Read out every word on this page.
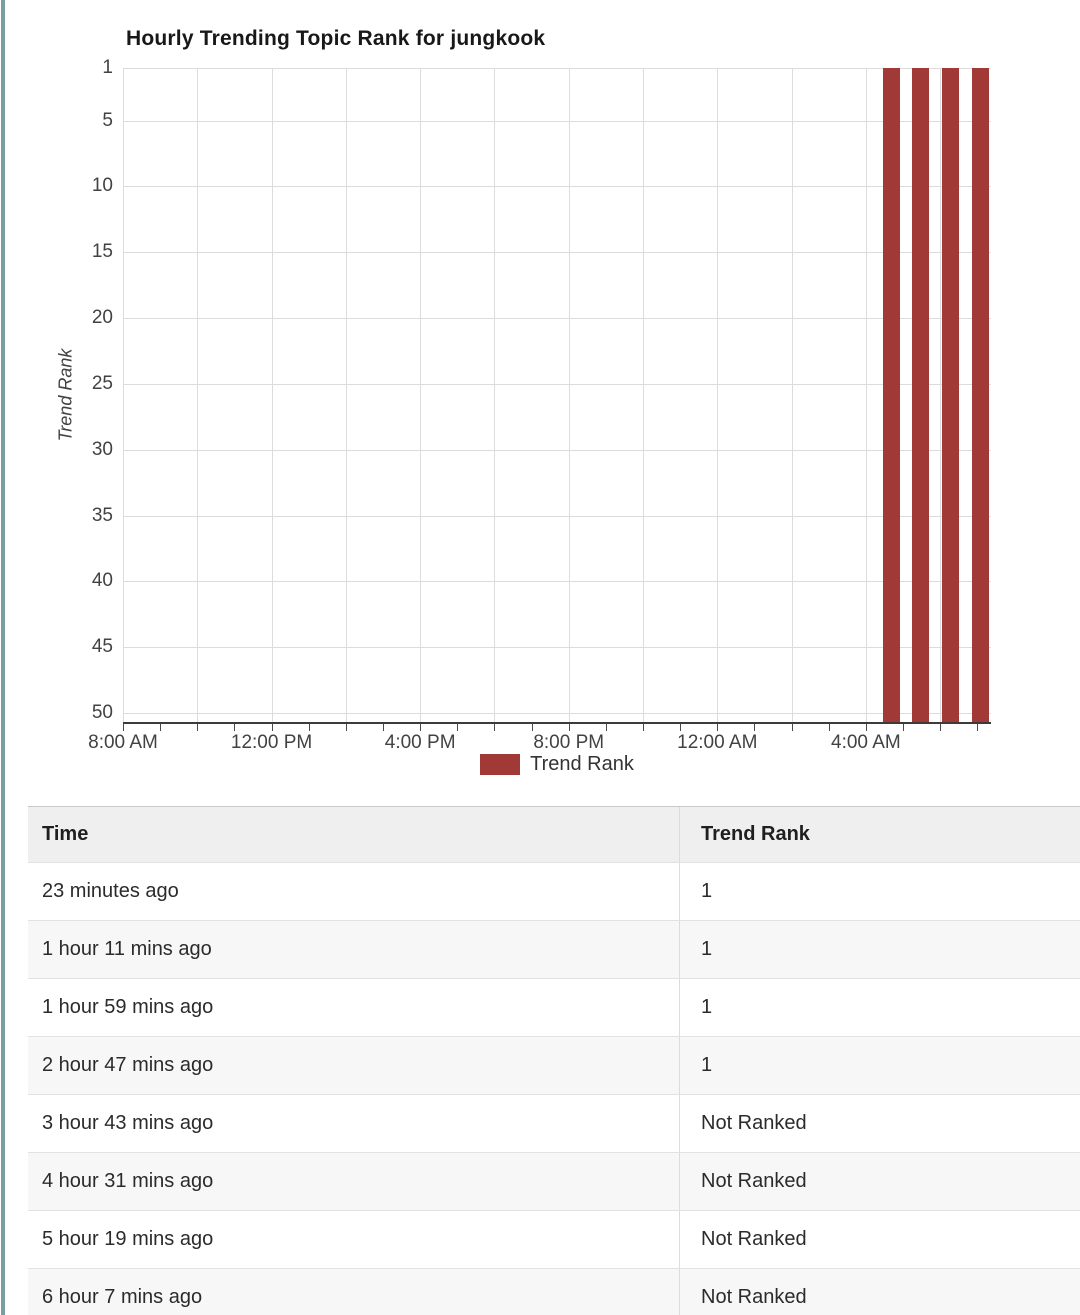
Hourly Trending Topic Rank for jungkook
Trend Rank
1
5
10
15
20
25
30
35
40
45
50
8:00 AM	12:00 PM	4:00 PM	8:00 PM	12:00 AM	4:00 AM
Trend Rank
Time	Trend Rank
23 minutes ago	1
1 hour 11 mins ago	1
1 hour 59 mins ago	1
2 hour 47 mins ago	1
3 hour 43 mins ago	Not Ranked
4 hour 31 mins ago	Not Ranked
5 hour 19 mins ago	Not Ranked
6 hour 7 mins ago	Not Ranked
